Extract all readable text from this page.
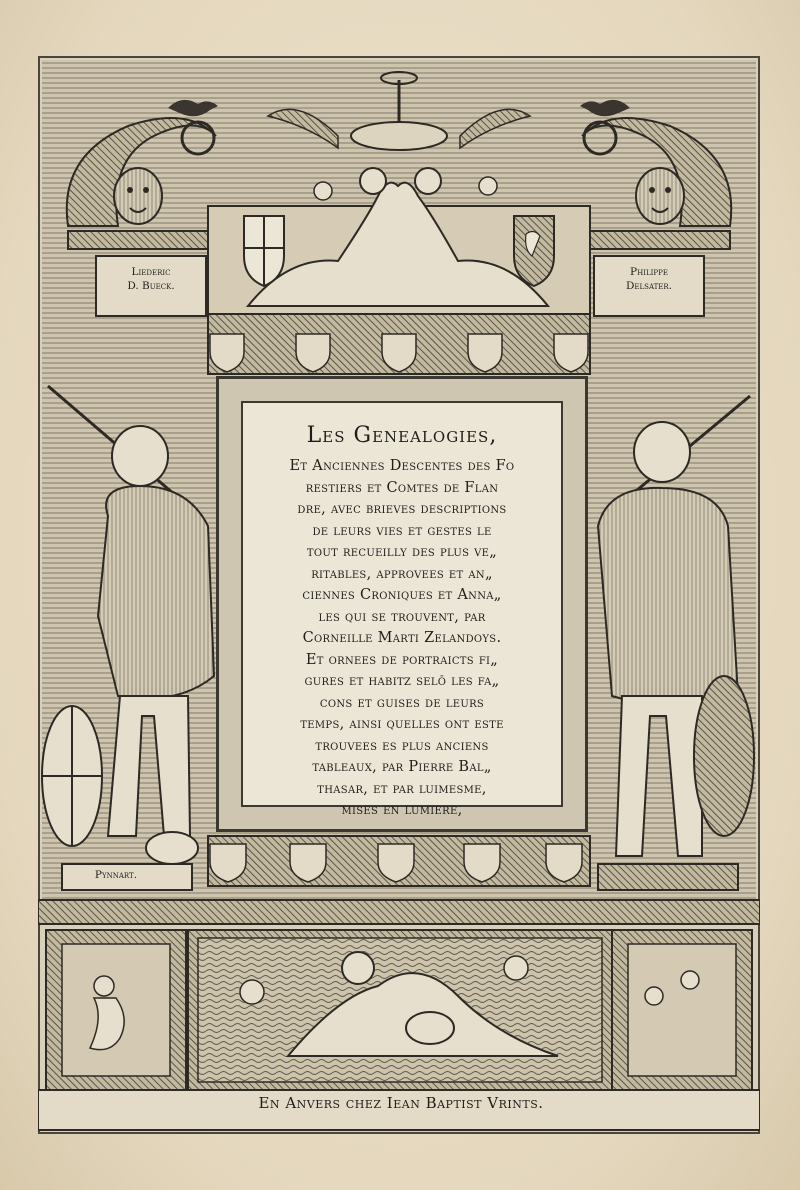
Liederic
D. Bueck.
Philippe
Delsater.
Pynnart.
Les Genealogies,
Et Anciennes Descentes des Fo
restiers et Comtes de Flan
dre, avec brieves descriptions
de leurs vies et gestes le
tout recueilly des plus ve„
ritables, approvees et an„
ciennes Croniques et Anna„
les qui se trouvent, par
Corneille Marti Zelandoys.
Et ornees de portraicts fi„
gures et habitz selō les fa„
cons et guises de leurs
temps, ainsi quelles ont este
trouvees es plus anciens
tableaux, par Pierre Bal„
thasar, et par luimesme,
mises en lumiere,
En Anvers chez Iean Baptist Vrints.
